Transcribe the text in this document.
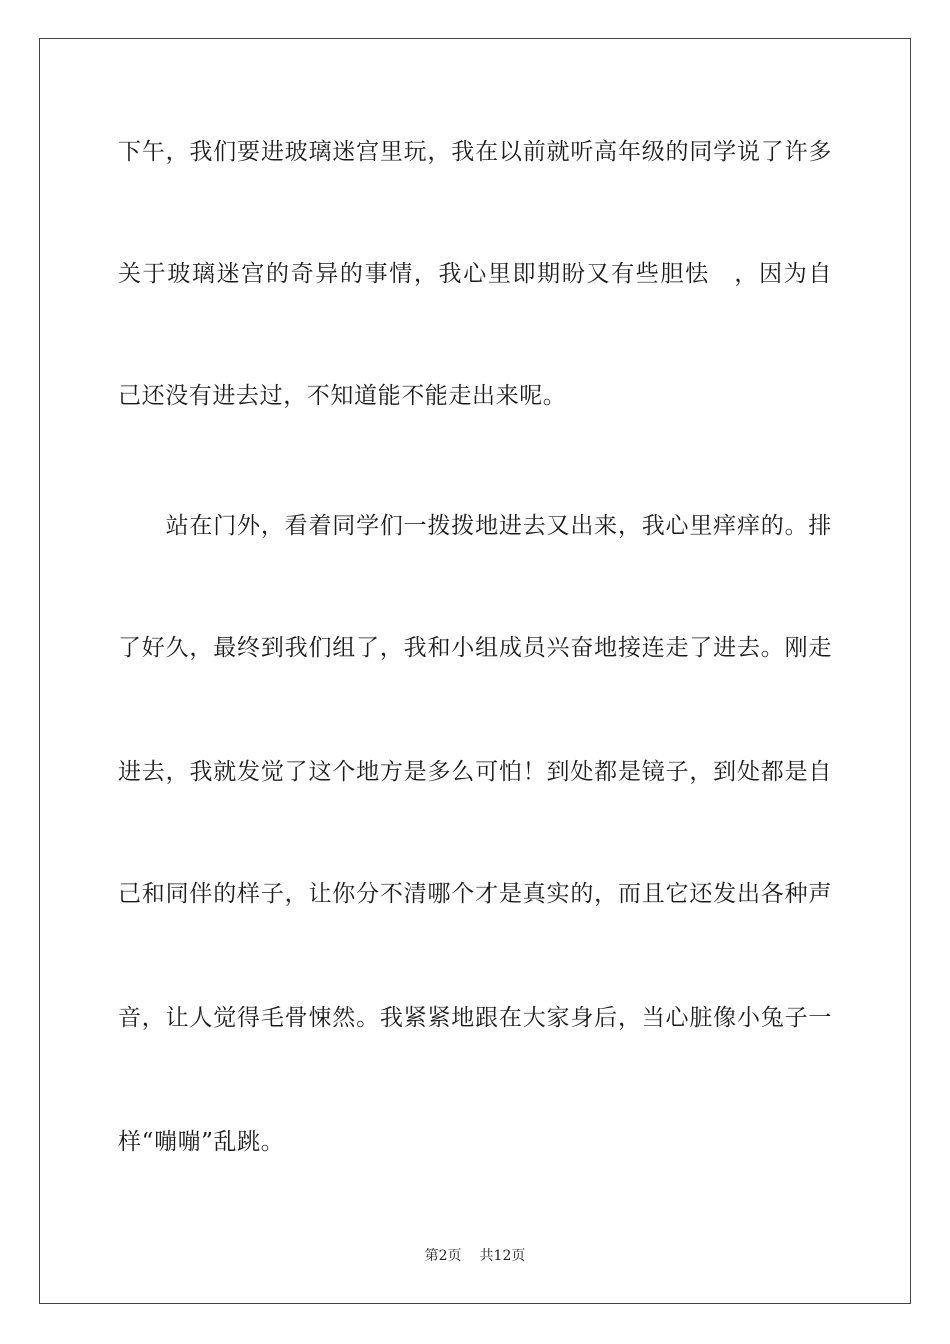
下午，我们要进玻璃迷宫里玩，我在以前就听高年级的同学说了许多
关于玻璃迷宫的奇异的事情，我心里即期盼又有些胆怯　，因为自
己还没有进去过，不知道能不能走出来呢。
　　站在门外，看着同学们一拨拨地进去又出来，我心里痒痒的。排
了好久，最终到我们组了，我和小组成员兴奋地接连走了进去。刚走
进去，我就发觉了这个地方是多么可怕！到处都是镜子，到处都是自
己和同伴的样子，让你分不清哪个才是真实的，而且它还发出各种声
音，让人觉得毛骨悚然。我紧紧地跟在大家身后，当心脏像小兔子一
样“嘣嘣”乱跳。
第2页 共12页
